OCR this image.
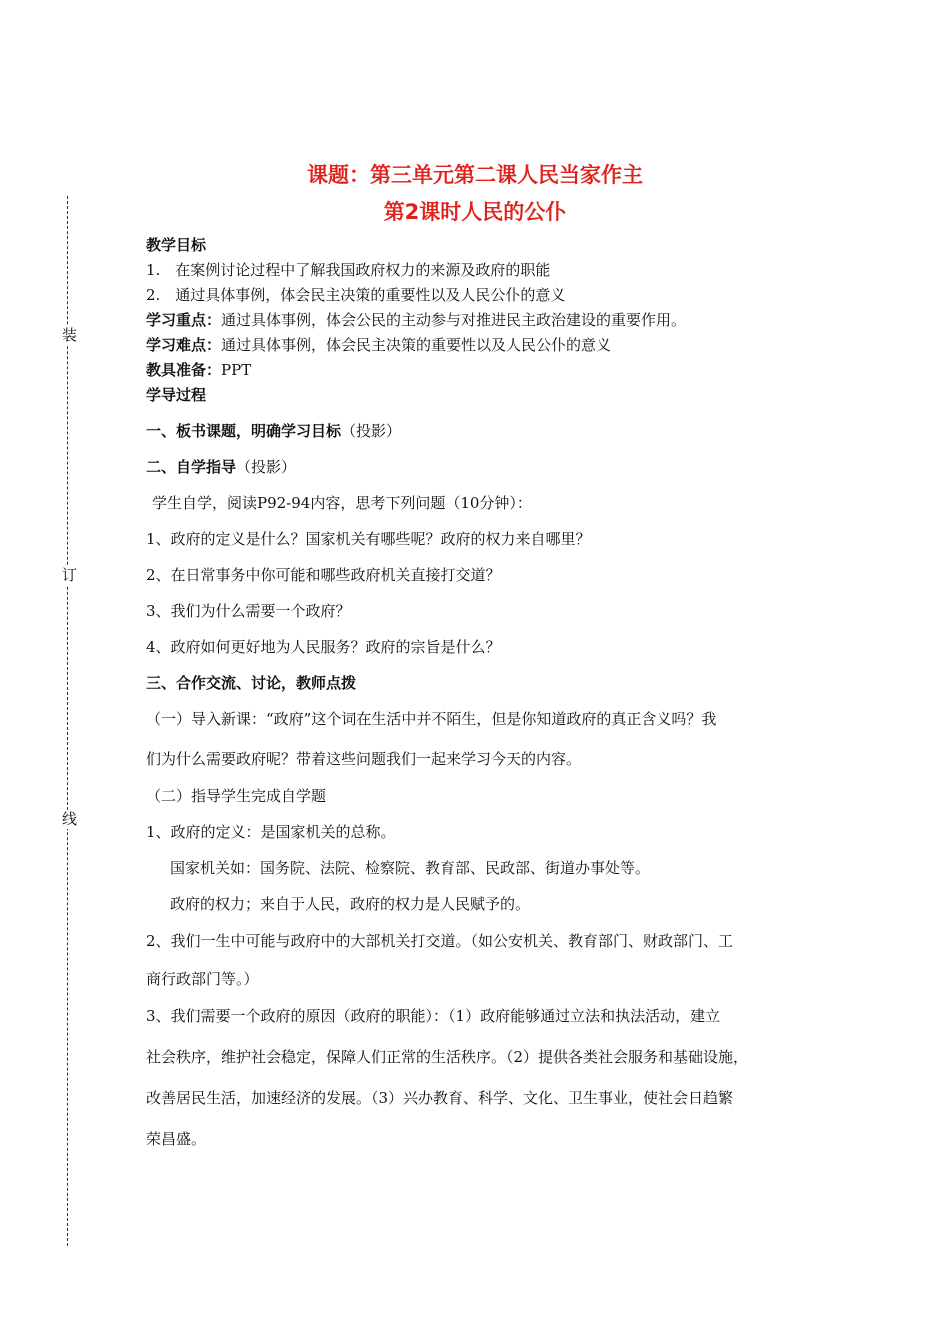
装
订
线
课题：第三单元第二课人民当家作主
第2课时人民的公仆
教学目标
1.　在案例讨论过程中了解我国政府权力的来源及政府的职能
2.　通过具体事例，体会民主决策的重要性以及人民公仆的意义
学习重点：通过具体事例，体会公民的主动参与对推进民主政治建设的重要作用。
学习难点：通过具体事例，体会民主决策的重要性以及人民公仆的意义
教具准备：PPT
学导过程
一、板书课题，明确学习目标（投影）
二、自学指导（投影）
学生自学，阅读P92-94内容，思考下列问题（10分钟）：
1、政府的定义是什么？国家机关有哪些呢？政府的权力来自哪里？
2、在日常事务中你可能和哪些政府机关直接打交道？
3、我们为什么需要一个政府？
4、政府如何更好地为人民服务？政府的宗旨是什么？
三、合作交流、讨论，教师点拨
（一）导入新课：“政府”这个词在生活中并不陌生，但是你知道政府的真正含义吗？我
们为什么需要政府呢？带着这些问题我们一起来学习今天的内容。
（二）指导学生完成自学题
1、政府的定义：是国家机关的总称。
国家机关如：国务院、法院、检察院、教育部、民政部、街道办事处等。
政府的权力；来自于人民，政府的权力是人民赋予的。
2、我们一生中可能与政府中的大部机关打交道。（如公安机关、教育部门、财政部门、工
商行政部门等。）
3、我们需要一个政府的原因（政府的职能）：（1）政府能够通过立法和执法活动，建立
社会秩序，维护社会稳定，保障人们正常的生活秩序。（2）提供各类社会服务和基础设施，
改善居民生活，加速经济的发展。（3）兴办教育、科学、文化、卫生事业，使社会日趋繁
荣昌盛。
